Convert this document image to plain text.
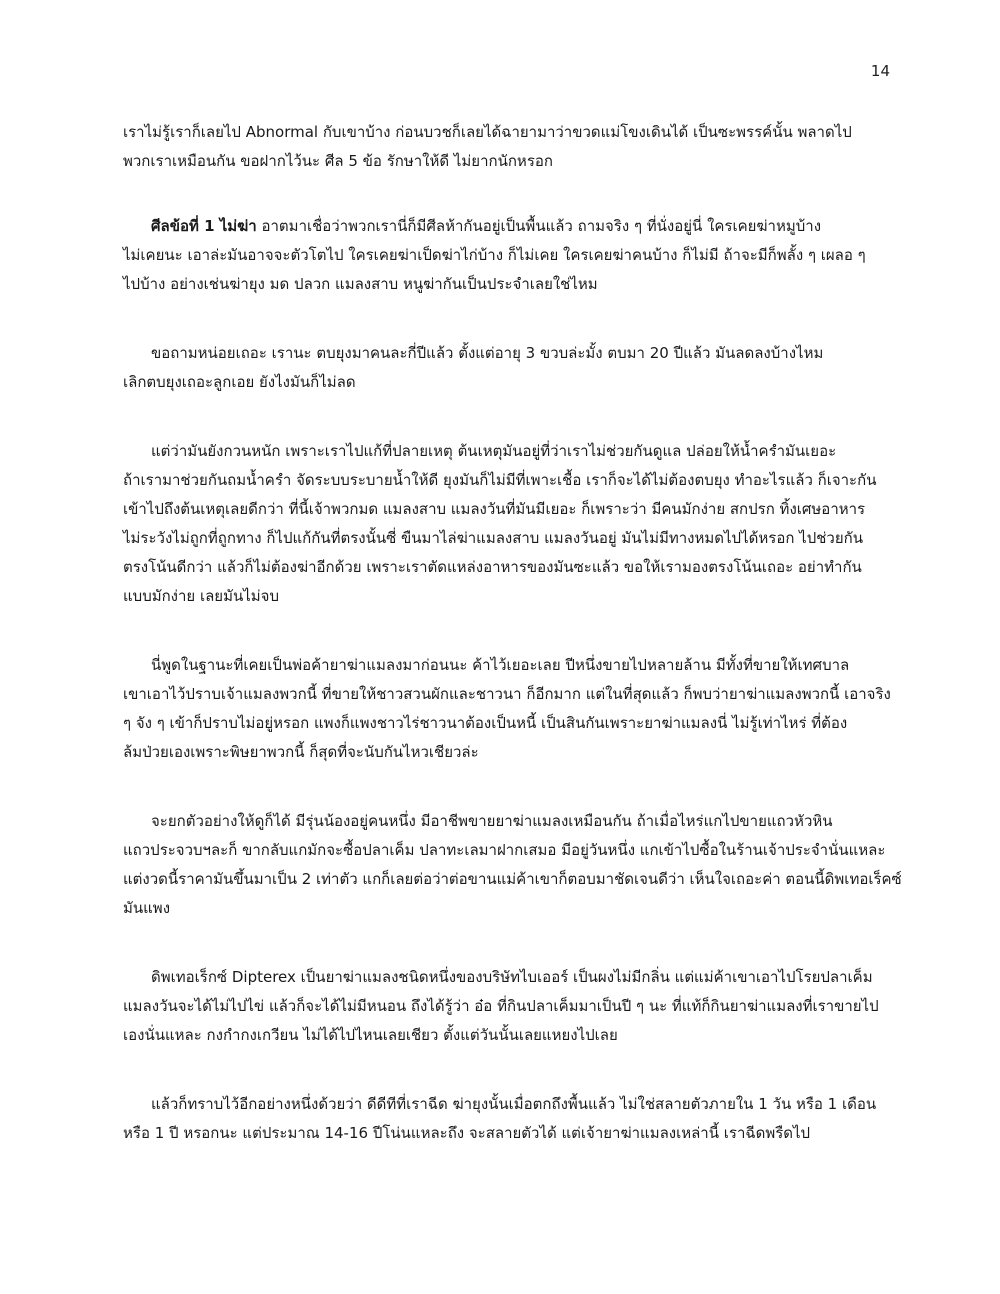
14
เราไม่รู้เราก็เลยไป Abnormal กับเขาบ้าง ก่อนบวชก็เลยได้ฉายามาว่าขวดแม่โขงเดินได้ เป็นซะพรรค์นั้น พลาดไป
พวกเราเหมือนกัน ขอฝากไว้นะ ศีล 5 ข้อ รักษาให้ดี ไม่ยากนักหรอก
ศีลข้อที่ 1 ไม่ฆ่า อาตมาเชื่อว่าพวกเรานี่ก็มีศีลห้ากันอยู่เป็นพื้นแล้ว ถามจริง ๆ ที่นั่งอยู่นี่ ใครเคยฆ่าหมูบ้าง
ไม่เคยนะ เอาล่ะมันอาจจะตัวโตไป ใครเคยฆ่าเป็ดฆ่าไก่บ้าง ก็ไม่เคย ใครเคยฆ่าคนบ้าง ก็ไม่มี ถ้าจะมีก็พลั้ง ๆ เผลอ ๆ
ไปบ้าง อย่างเช่นฆ่ายุง มด ปลวก แมลงสาบ หนูฆ่ากันเป็นประจำเลยใช่ไหม
ขอถามหน่อยเถอะ เรานะ ตบยุงมาคนละกี่ปีแล้ว ตั้งแต่อายุ 3 ขวบล่ะมั้ง ตบมา 20 ปีแล้ว มันลดลงบ้างไหม
เลิกตบยุงเถอะลูกเอย ยังไงมันก็ไม่ลด
แต่ว่ามันยังกวนหนัก เพราะเราไปแก้ที่ปลายเหตุ ต้นเหตุมันอยู่ที่ว่าเราไม่ช่วยกันดูแล ปล่อยให้น้ำครำมันเยอะ
ถ้าเรามาช่วยกันถมน้ำครำ จัดระบบระบายน้ำให้ดี ยุงมันก็ไม่มีที่เพาะเชื้อ เราก็จะได้ไม่ต้องตบยุง ทำอะไรแล้ว ก็เจาะกัน
เข้าไปถึงต้นเหตุเลยดีกว่า ที่นี้เจ้าพวกมด แมลงสาบ แมลงวันที่มันมีเยอะ ก็เพราะว่า มีคนมักง่าย สกปรก ทิ้งเศษอาหาร
ไม่ระวังไม่ถูกที่ถูกทาง ก็ไปแก้กันที่ตรงนั้นซี่ ขืนมาไล่ฆ่าแมลงสาบ แมลงวันอยู่ มันไม่มีทางหมดไปได้หรอก ไปช่วยกัน
ตรงโน้นดีกว่า แล้วก็ไม่ต้องฆ่าอีกด้วย เพราะเราตัดแหล่งอาหารของมันซะแล้ว ขอให้เรามองตรงโน้นเถอะ อย่าทำกัน
แบบมักง่าย เลยมันไม่จบ
นี่พูดในฐานะที่เคยเป็นพ่อค้ายาฆ่าแมลงมาก่อนนะ ค้าไว้เยอะเลย ปีหนึ่งขายไปหลายล้าน มีทั้งที่ขายให้เทศบาล
เขาเอาไว้ปราบเจ้าแมลงพวกนี้ ที่ขายให้ชาวสวนผักและชาวนา ก็อีกมาก แต่ในที่สุดแล้ว ก็พบว่ายาฆ่าแมลงพวกนี้ เอาจริง
ๆ จัง ๆ เข้าก็ปราบไม่อยู่หรอก แพงก็แพงชาวไร่ชาวนาต้องเป็นหนี้ เป็นสินกันเพราะยาฆ่าแมลงนี่ ไม่รู้เท่าไหร่ ที่ต้อง
ล้มป่วยเองเพราะพิษยาพวกนี้ ก็สุดที่จะนับกันไหวเชียวล่ะ
จะยกตัวอย่างให้ดูก็ได้ มีรุ่นน้องอยู่คนหนึ่ง มีอาชีพขายยาฆ่าแมลงเหมือนกัน ถ้าเมื่อไหร่แกไปขายแถวหัวหิน
แถวประจวบฯละก็ ขากลับแกมักจะซื้อปลาเค็ม ปลาทะเลมาฝากเสมอ มีอยู่วันหนึ่ง แกเข้าไปซื้อในร้านเจ้าประจำนั่นแหละ
แต่งวดนี้ราคามันขึ้นมาเป็น 2 เท่าตัว แกก็เลยต่อว่าต่อขานแม่ค้าเขาก็ตอบมาชัดเจนดีว่า เห็นใจเถอะค่า ตอนนี้ดิพเทอเร็คซ์
มันแพง
ดิพเทอเร็กซ์ Dipterex เป็นยาฆ่าแมลงชนิดหนึ่งของบริษัทไบเออร์ เป็นผงไม่มีกลิ่น แต่แม่ค้าเขาเอาไปโรยปลาเค็ม
แมลงวันจะได้ไม่ไปไข่ แล้วก็จะได้ไม่มีหนอน ถึงได้รู้ว่า อ๋อ ที่กินปลาเค็มมาเป็นปี ๆ นะ ที่แท้ก็กินยาฆ่าแมลงที่เราขายไป
เองนั่นแหละ กงกำกงเกวียน ไม่ได้ไปไหนเลยเชียว ตั้งแต่วันนั้นเลยแหยงไปเลย
แล้วก็ทราบไว้อีกอย่างหนึ่งด้วยว่า ดีดีทีที่เราฉีด ฆ่ายุงนั้นเมื่อตกถึงพื้นแล้ว ไม่ใช่สลายตัวภายใน 1 วัน หรือ 1 เดือน
หรือ 1 ปี หรอกนะ แต่ประมาณ 14-16 ปีโน่นแหละถึง จะสลายตัวได้ แต่เจ้ายาฆ่าแมลงเหล่านี้ เราฉีดพรืดไป
